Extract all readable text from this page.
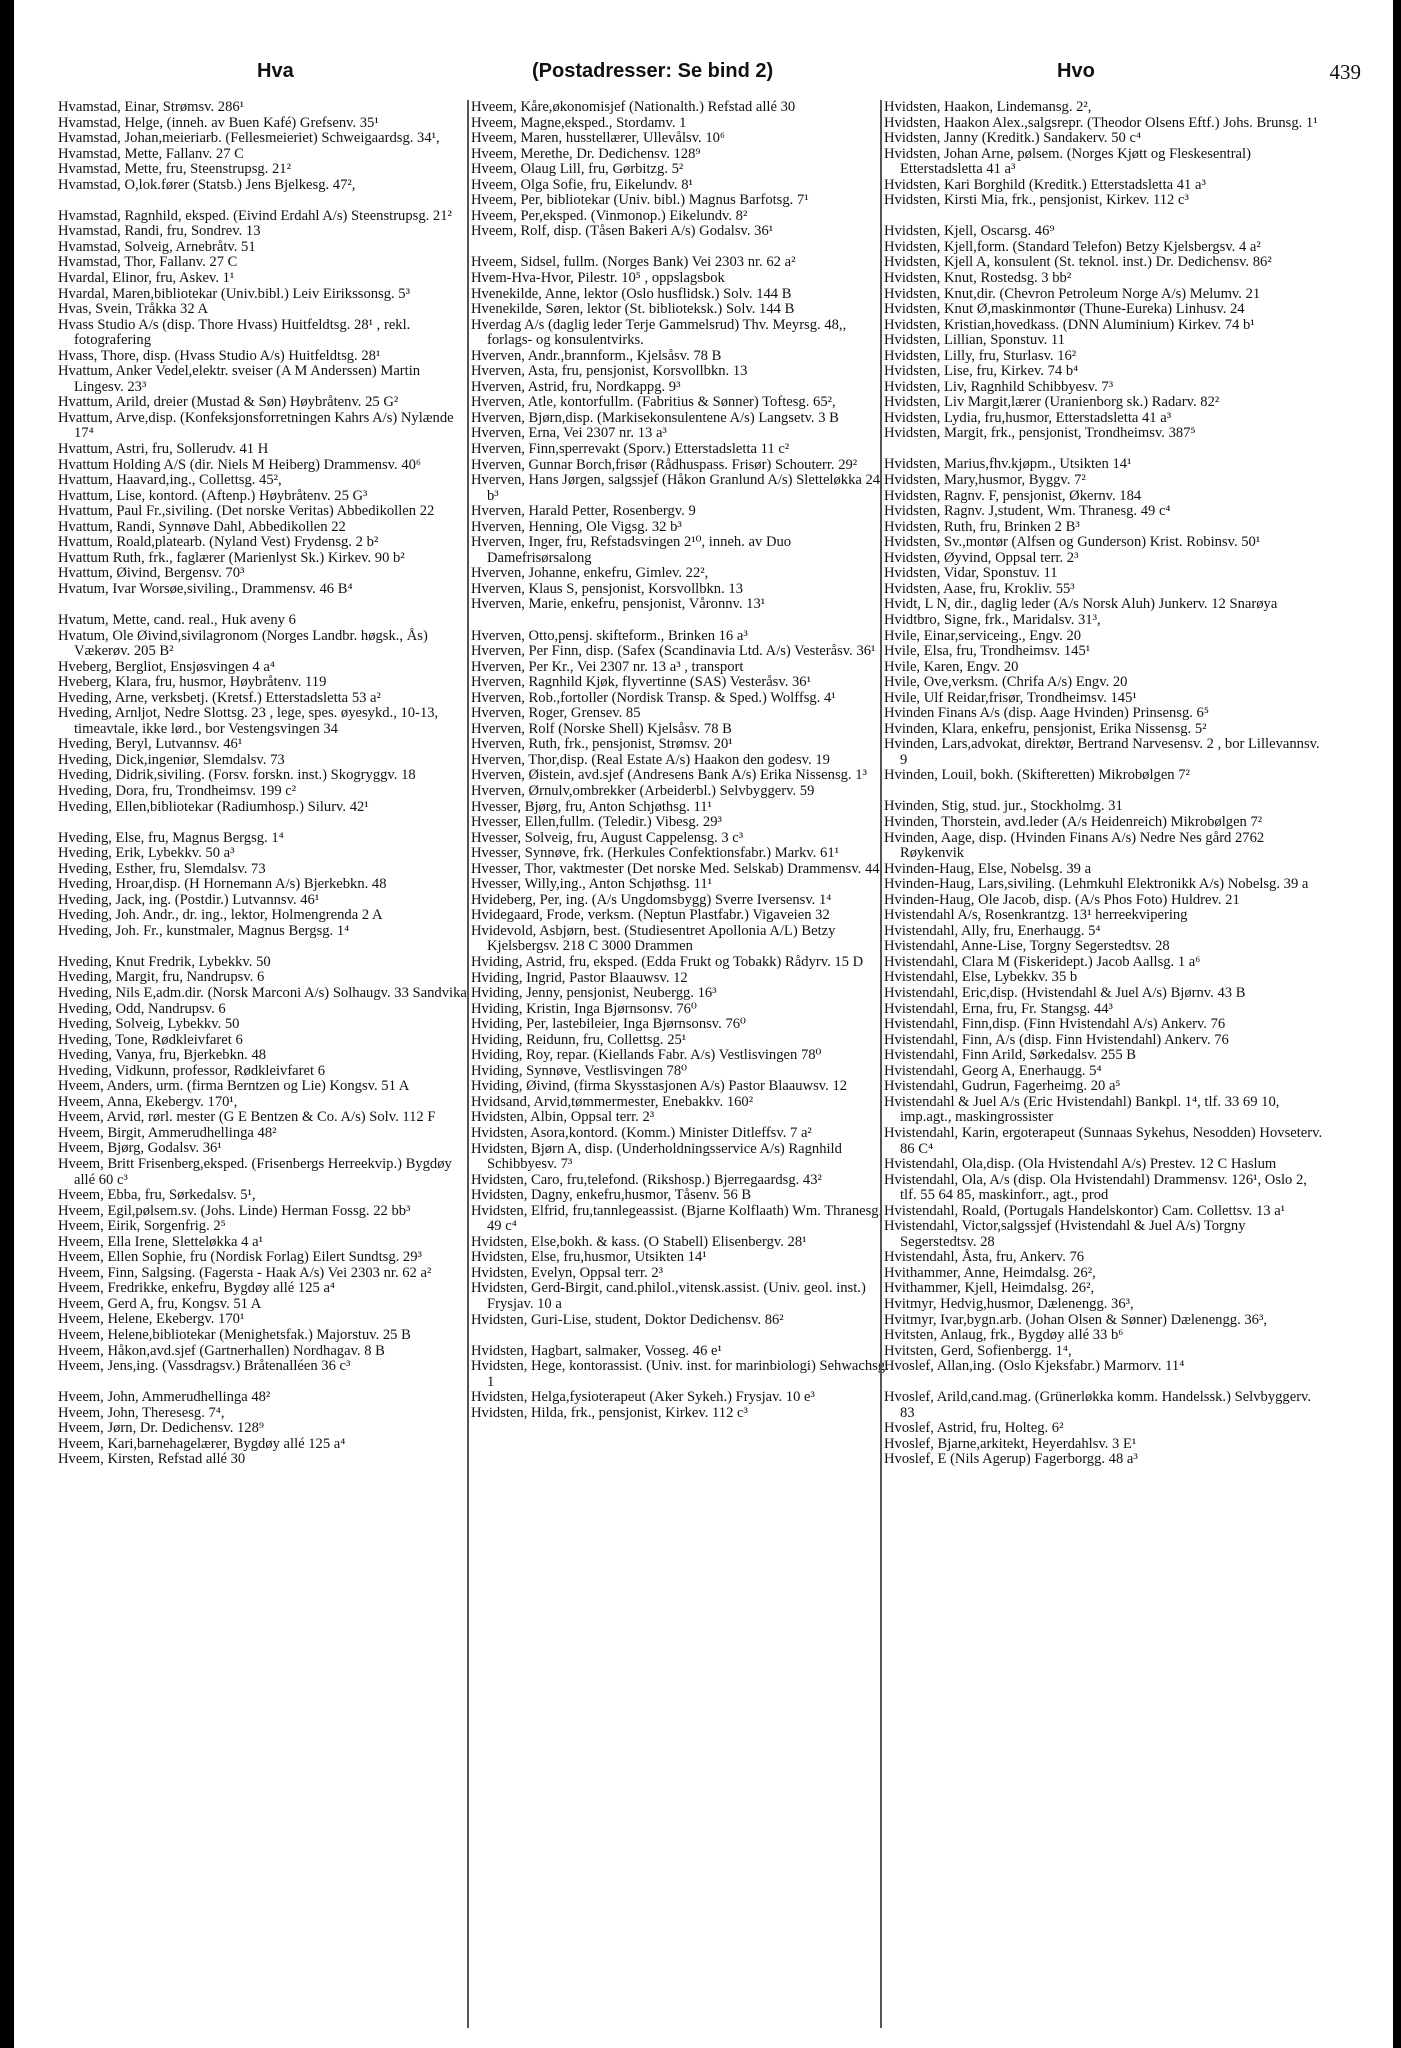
Hva	(Postadresser: Se bind 2)	Hvo	439
Hvamstad, Einar, Strømsv. 286¹
Hvamstad, Helge, (inneh. av Buen Kafé) Grefsenv. 35¹
Hvamstad, Johan,meieriarb. (Fellesmeieriet) Schweigaardsg. 34¹,
Hvamstad, Mette, Fallanv. 27 C
Hvamstad, Mette, fru, Steenstrupsg. 21²
Hvamstad, O,lok.fører (Statsb.) Jens Bjelkesg. 47²,
Hvamstad, Ragnhild, eksped. (Eivind Erdahl A/s) Steenstrupsg. 21²
Hvamstad, Randi, fru, Sondrev. 13
Hvamstad, Solveig, Arnebråtv. 51
Hvamstad, Thor, Fallanv. 27 C
Hvardal, Elinor, fru, Askev. 1¹
Hvardal, Maren,bibliotekar (Univ.bibl.) Leiv Eirikssonsg. 5³
Hvas, Svein, Tråkka 32 A
Hvass Studio A/s (disp. Thore Hvass) Huitfeldtsg. 28¹ , rekl. fotografering
Hvass, Thore, disp. (Hvass Studio A/s) Huitfeldtsg. 28¹
Hvattum, Anker Vedel,elektr. sveiser (A M Anderssen) Martin Lingesv. 23³
Hvattum, Arild, dreier (Mustad & Søn) Høybråtenv. 25 G²
Hvattum, Arve,disp. (Konfeksjonsforretningen Kahrs A/s) Nylænde 17⁴
Hvattum, Astri, fru, Sollerudv. 41 H
Hvattum Holding A/S (dir. Niels M Heiberg) Drammensv. 40⁶
Hvattum, Haavard,ing., Collettsg. 45²,
Hvattum, Lise, kontord. (Aftenp.) Høybråtenv. 25 G³
Hvattum, Paul Fr.,siviling. (Det norske Veritas) Abbedikollen 22
Hvattum, Randi, Synnøve Dahl, Abbedikollen 22
Hvattum, Roald,platearb. (Nyland Vest) Frydensg. 2 b²
Hvattum Ruth, frk., faglærer (Marienlyst Sk.) Kirkev. 90 b²
Hvattum, Øivind, Bergensv. 70³
Hvatum, Ivar Worsøe,siviling., Drammensv. 46 B⁴
Hvatum, Mette, cand. real., Huk aveny 6
Hvatum, Ole Øivind,sivilagronom (Norges Landbr. høgsk., Ås) Vækerøv. 205 B²
Hveberg, Bergliot, Ensjøsvingen 4 a⁴
Hveberg, Klara, fru, husmor, Høybråtenv. 119
Hveding, Arne, verksbetj. (Kretsf.) Etterstadsletta 53 a²
Hveding, Arnljot, Nedre Slottsg. 23 , lege, spes. øyesykd., 10-13, timeavtale, ikke lørd., bor Vestengsvingen 34
Hveding, Beryl, Lutvannsv. 46¹
Hveding, Dick,ingeniør, Slemdalsv. 73
Hveding, Didrik,siviling. (Forsv. forskn. inst.) Skogryggv. 18
Hveding, Dora, fru, Trondheimsv. 199 c²
Hveding, Ellen,bibliotekar (Radiumhosp.) Silurv. 42¹
Hveding, Else, fru, Magnus Bergsg. 1⁴
Hveding, Erik, Lybekkv. 50 a³
Hveding, Esther, fru, Slemdalsv. 73
Hveding, Hroar,disp. (H Hornemann A/s) Bjerkebkn. 48
Hveding, Jack, ing. (Postdir.) Lutvannsv. 46¹
Hveding, Joh. Andr., dr. ing., lektor, Holmengrenda 2 A
Hveding, Joh. Fr., kunstmaler, Magnus Bergsg. 1⁴
Hveding, Knut Fredrik, Lybekkv. 50
Hveding, Margit, fru, Nandrupsv. 6
Hveding, Nils E,adm.dir. (Norsk Marconi A/s) Solhaugv. 33 Sandvika
Hveding, Odd, Nandrupsv. 6
Hveding, Solveig, Lybekkv. 50
Hveding, Tone, Rødkleivfaret 6
Hveding, Vanya, fru, Bjerkebkn. 48
Hveding, Vidkunn, professor, Rødkleivfaret 6
Hveem, Anders, urm. (firma Berntzen og Lie) Kongsv. 51 A
Hveem, Anna, Ekebergv. 170¹,
Hveem, Arvid, rørl. mester (G E Bentzen & Co. A/s) Solv. 112 F
Hveem, Birgit, Ammerudhellinga 48²
Hveem, Bjørg, Godalsv. 36¹
Hveem, Britt Frisenberg,eksped. (Frisenbergs Herreekvip.) Bygdøy allé 60 c³
Hveem, Ebba, fru, Sørkedalsv. 5¹,
Hveem, Egil,pølsem.sv. (Johs. Linde) Herman Fossg. 22 bb³
Hveem, Eirik, Sorgenfrig. 2⁵
Hveem, Ella Irene, Sletteløkka 4 a¹
Hveem, Ellen Sophie, fru (Nordisk Forlag) Eilert Sundtsg. 29³
Hveem, Finn, Salgsing. (Fagersta - Haak A/s) Vei 2303 nr. 62 a²
Hveem, Fredrikke, enkefru, Bygdøy allé 125 a⁴
Hveem, Gerd A, fru, Kongsv. 51 A
Hveem, Helene, Ekebergv. 170¹
Hveem, Helene,bibliotekar (Menighetsfak.) Majorstuv. 25 B
Hveem, Håkon,avd.sjef (Gartnerhallen) Nordhagav. 8 B
Hveem, Jens,ing. (Vassdragsv.) Bråtenalléen 36 c³
Hveem, John, Ammerudhellinga 48²
Hveem, John, Theresesg. 7⁴,
Hveem, Jørn, Dr. Dedichensv. 128⁹
Hveem, Kari,barnehagelærer, Bygdøy allé 125 a⁴
Hveem, Kirsten, Refstad allé 30
Hveem, Kåre,økonomisjef (Nationalth.) Refstad allé 30
Hveem, Magne,eksped., Stordamv. 1
Hveem, Maren, husstellærer, Ullevålsv. 10⁶
Hveem, Merethe, Dr. Dedichensv. 128⁹
Hveem, Olaug Lill, fru, Gørbitzg. 5²
Hveem, Olga Sofie, fru, Eikelundv. 8¹
Hveem, Per, bibliotekar (Univ. bibl.) Magnus Barfotsg. 7¹
Hveem, Per,eksped. (Vinmonop.) Eikelundv. 8²
Hveem, Rolf, disp. (Tåsen Bakeri A/s) Godalsv. 36¹
Hveem, Sidsel, fullm. (Norges Bank) Vei 2303 nr. 62 a²
Hvem-Hva-Hvor, Pilestr. 10⁵ , oppslagsbok
Hvenekilde, Anne, lektor (Oslo husflidsk.) Solv. 144 B
Hvenekilde, Søren, lektor (St. biblioteksk.) Solv. 144 B
Hverdag A/s (daglig leder Terje Gammelsrud) Thv. Meyrsg. 48,, forlags- og konsulentvirks.
Hverven, Andr.,brannform., Kjelsåsv. 78 B
Hverven, Asta, fru, pensjonist, Korsvollbkn. 13
Hverven, Astrid, fru, Nordkappg. 9³
Hverven, Atle, kontorfullm. (Fabritius & Sønner) Toftesg. 65²,
Hverven, Bjørn,disp. (Markisekonsulentene A/s) Langsetv. 3 B
Hverven, Erna, Vei 2307 nr. 13 a³
Hverven, Finn,sperrevakt (Sporv.) Etterstadsletta 11 c²
Hverven, Gunnar Borch,frisør (Rådhuspass. Frisør) Schouterr. 29²
Hverven, Hans Jørgen, salgssjef (Håkon Granlund A/s) Sletteløkka 24 b³
Hverven, Harald Petter, Rosenbergv. 9
Hverven, Henning, Ole Vigsg. 32 b³
Hverven, Inger, fru, Refstadsvingen 2¹⁰, inneh. av Duo Damefrisørsalong
Hverven, Johanne, enkefru, Gimlev. 22²,
Hverven, Klaus S, pensjonist, Korsvollbkn. 13
Hverven, Marie, enkefru, pensjonist, Våronnv. 13¹
Hverven, Otto,pensj. skifteform., Brinken 16 a³
Hverven, Per Finn, disp. (Safex (Scandinavia Ltd. A/s) Vesteråsv. 36¹
Hverven, Per Kr., Vei 2307 nr. 13 a³ , transport
Hverven, Ragnhild Kjøk, flyvertinne (SAS) Vesteråsv. 36¹
Hverven, Rob.,fortoller (Nordisk Transp. & Sped.) Wolffsg. 4¹
Hverven, Roger, Grensev. 85
Hverven, Rolf (Norske Shell) Kjelsåsv. 78 B
Hverven, Ruth, frk., pensjonist, Strømsv. 20¹
Hverven, Thor,disp. (Real Estate A/s) Haakon den godesv. 19
Hverven, Øistein, avd.sjef (Andresens Bank A/s) Erika Nissensg. 1³
Hverven, Ørnulv,ombrekker (Arbeiderbl.) Selvbyggerv. 59
Hvesser, Bjørg, fru, Anton Schjøthsg. 11¹
Hvesser, Ellen,fullm. (Teledir.) Vibesg. 29³
Hvesser, Solveig, fru, August Cappelensg. 3 c³
Hvesser, Synnøve, frk. (Herkules Confektionsfabr.) Markv. 61¹
Hvesser, Thor, vaktmester (Det norske Med. Selskab) Drammensv. 44
Hvesser, Willy,ing., Anton Schjøthsg. 11¹
Hvideberg, Per, ing. (A/s Ungdomsbygg) Sverre Iversensv. 1⁴
Hvidegaard, Frode, verksm. (Neptun Plastfabr.) Vigaveien 32
Hvidevold, Asbjørn, best. (Studiesentret Apollonia A/L) Betzy Kjelsbergsv. 218 C 3000 Drammen
Hviding, Astrid, fru, eksped. (Edda Frukt og Tobakk) Rådyrv. 15 D
Hviding, Ingrid, Pastor Blaauwsv. 12
Hviding, Jenny, pensjonist, Neubergg. 16³
Hviding, Kristin, Inga Bjørnsonsv. 76⁰
Hviding, Per, lastebileier, Inga Bjørnsonsv. 76⁰
Hviding, Reidunn, fru, Collettsg. 25¹
Hviding, Roy, repar. (Kiellands Fabr. A/s) Vestlisvingen 78⁰
Hviding, Synnøve, Vestlisvingen 78⁰
Hviding, Øivind, (firma Skysstasjonen A/s) Pastor Blaauwsv. 12
Hvidsand, Arvid,tømmermester, Enebakkv. 160²
Hvidsten, Albin, Oppsal terr. 2³
Hvidsten, Asora,kontord. (Komm.) Minister Ditleffsv. 7 a²
Hvidsten, Bjørn A, disp. (Underholdningsservice A/s) Ragnhild Schibbyesv. 7³
Hvidsten, Caro, fru,telefond. (Rikshosp.) Bjerregaardsg. 43²
Hvidsten, Dagny, enkefru,husmor, Tåsenv. 56 B
Hvidsten, Elfrid, fru,tannlegeassist. (Bjarne Kolflaath) Wm. Thranesg. 49 c⁴
Hvidsten, Else,bokh. & kass. (O Stabell) Elisenbergv. 28¹
Hvidsten, Else, fru,husmor, Utsikten 14¹
Hvidsten, Evelyn, Oppsal terr. 2³
Hvidsten, Gerd-Birgit, cand.philol.,vitensk.assist. (Univ. geol. inst.) Frysjav. 10 a
Hvidsten, Guri-Lise, student, Doktor Dedichensv. 86²
Hvidsten, Hagbart, salmaker, Vosseg. 46 e¹
Hvidsten, Hege, kontorassist. (Univ. inst. for marinbiologi) Sehwachsg. 1
Hvidsten, Helga,fysioterapeut (Aker Sykeh.) Frysjav. 10 e³
Hvidsten, Hilda, frk., pensjonist, Kirkev. 112 c³
Hvidsten, Haakon, Lindemansg. 2²,
Hvidsten, Haakon Alex.,salgsrepr. (Theodor Olsens Eftf.) Johs. Brunsg. 1¹
Hvidsten, Janny (Kreditk.) Sandakerv. 50 c⁴
Hvidsten, Johan Arne, pølsem. (Norges Kjøtt og Fleskesentral) Etterstadsletta 41 a³
Hvidsten, Kari Borghild (Kreditk.) Etterstadsletta 41 a³
Hvidsten, Kirsti Mia, frk., pensjonist, Kirkev. 112 c³
Hvidsten, Kjell, Oscarsg. 46⁹
Hvidsten, Kjell,form. (Standard Telefon) Betzy Kjelsbergsv. 4 a²
Hvidsten, Kjell A, konsulent (St. teknol. inst.) Dr. Dedichensv. 86²
Hvidsten, Knut, Rostedsg. 3 bb²
Hvidsten, Knut,dir. (Chevron Petroleum Norge A/s) Melumv. 21
Hvidsten, Knut Ø,maskinmontør (Thune-Eureka) Linhusv. 24
Hvidsten, Kristian,hovedkass. (DNN Aluminium) Kirkev. 74 b¹
Hvidsten, Lillian, Sponstuv. 11
Hvidsten, Lilly, fru, Sturlasv. 16²
Hvidsten, Lise, fru, Kirkev. 74 b⁴
Hvidsten, Liv, Ragnhild Schibbyesv. 7³
Hvidsten, Liv Margit,lærer (Uranienborg sk.) Radarv. 82²
Hvidsten, Lydia, fru,husmor, Etterstadsletta 41 a³
Hvidsten, Margit, frk., pensjonist, Trondheimsv. 387⁵
Hvidsten, Marius,fhv.kjøpm., Utsikten 14¹
Hvidsten, Mary,husmor, Byggv. 7²
Hvidsten, Ragnv. F, pensjonist, Økernv. 184
Hvidsten, Ragnv. J,student, Wm. Thranesg. 49 c⁴
Hvidsten, Ruth, fru, Brinken 2 B³
Hvidsten, Sv.,montør (Alfsen og Gunderson) Krist. Robinsv. 50¹
Hvidsten, Øyvind, Oppsal terr. 2³
Hvidsten, Vidar, Sponstuv. 11
Hvidsten, Aase, fru, Krokliv. 55³
Hvidt, L N, dir., daglig leder (A/s Norsk Aluh) Junkerv. 12 Snarøya
Hvidtbro, Signe, frk., Maridalsv. 31³,
Hvile, Einar,serviceing., Engv. 20
Hvile, Elsa, fru, Trondheimsv. 145¹
Hvile, Karen, Engv. 20
Hvile, Ove,verksm. (Chrifa A/s) Engv. 20
Hvile, Ulf Reidar,frisør, Trondheimsv. 145¹
Hvinden Finans A/s (disp. Aage Hvinden) Prinsensg. 6⁵
Hvinden, Klara, enkefru, pensjonist, Erika Nissensg. 5²
Hvinden, Lars,advokat, direktør, Bertrand Narvesensv. 2 , bor Lillevannsv. 9
Hvinden, Louil, bokh. (Skifteretten) Mikrobølgen 7²
Hvinden, Stig, stud. jur., Stockholmg. 31
Hvinden, Thorstein, avd.leder (A/s Heidenreich) Mikrobølgen 7²
Hvinden, Aage, disp. (Hvinden Finans A/s) Nedre Nes gård 2762 Røykenvik
Hvinden-Haug, Else, Nobelsg. 39 a
Hvinden-Haug, Lars,siviling. (Lehmkuhl Elektronikk A/s) Nobelsg. 39 a
Hvinden-Haug, Ole Jacob, disp. (A/s Phos Foto) Huldrev. 21
Hvistendahl A/s, Rosenkrantzg. 13¹ herreekvipering
Hvistendahl, Ally, fru, Enerhaugg. 5⁴
Hvistendahl, Anne-Lise, Torgny Segerstedtsv. 28
Hvistendahl, Clara M (Fiskeridept.) Jacob Aallsg. 1 a⁶
Hvistendahl, Else, Lybekkv. 35 b
Hvistendahl, Eric,disp. (Hvistendahl & Juel A/s) Bjørnv. 43 B
Hvistendahl, Erna, fru, Fr. Stangsg. 44³
Hvistendahl, Finn,disp. (Finn Hvistendahl A/s) Ankerv. 76
Hvistendahl, Finn, A/s (disp. Finn Hvistendahl) Ankerv. 76
Hvistendahl, Finn Arild, Sørkedalsv. 255 B
Hvistendahl, Georg A, Enerhaugg. 5⁴
Hvistendahl, Gudrun, Fagerheimg. 20 a⁵
Hvistendahl & Juel A/s (Eric Hvistendahl) Bankpl. 1⁴, tlf. 33 69 10, imp.agt., maskingrossister
Hvistendahl, Karin, ergoterapeut (Sunnaas Sykehus, Nesodden) Hovseterv. 86 C⁴
Hvistendahl, Ola,disp. (Ola Hvistendahl A/s) Prestev. 12 C Haslum
Hvistendahl, Ola, A/s (disp. Ola Hvistendahl) Drammensv. 126¹, Oslo 2, tlf. 55 64 85, maskinforr., agt., prod
Hvistendahl, Roald, (Portugals Handelskontor) Cam. Collettsv. 13 a¹
Hvistendahl, Victor,salgssjef (Hvistendahl & Juel A/s) Torgny Segerstedtsv. 28
Hvistendahl, Åsta, fru, Ankerv. 76
Hvithammer, Anne, Heimdalsg. 26²,
Hvithammer, Kjell, Heimdalsg. 26²,
Hvitmyr, Hedvig,husmor, Dælenengg. 36³,
Hvitmyr, Ivar,bygn.arb. (Johan Olsen & Sønner) Dælenengg. 36³,
Hvitsten, Anlaug, frk., Bygdøy allé 33 b⁶
Hvitsten, Gerd, Sofienbergg. 1⁴,
Hvoslef, Allan,ing. (Oslo Kjeksfabr.) Marmorv. 11⁴
Hvoslef, Arild,cand.mag. (Grünerløkka komm. Handelssk.) Selvbyggerv. 83
Hvoslef, Astrid, fru, Holteg. 6²
Hvoslef, Bjarne,arkitekt, Heyerdahlsv. 3 E¹
Hvoslef, E (Nils Agerup) Fagerborgg. 48 a³
